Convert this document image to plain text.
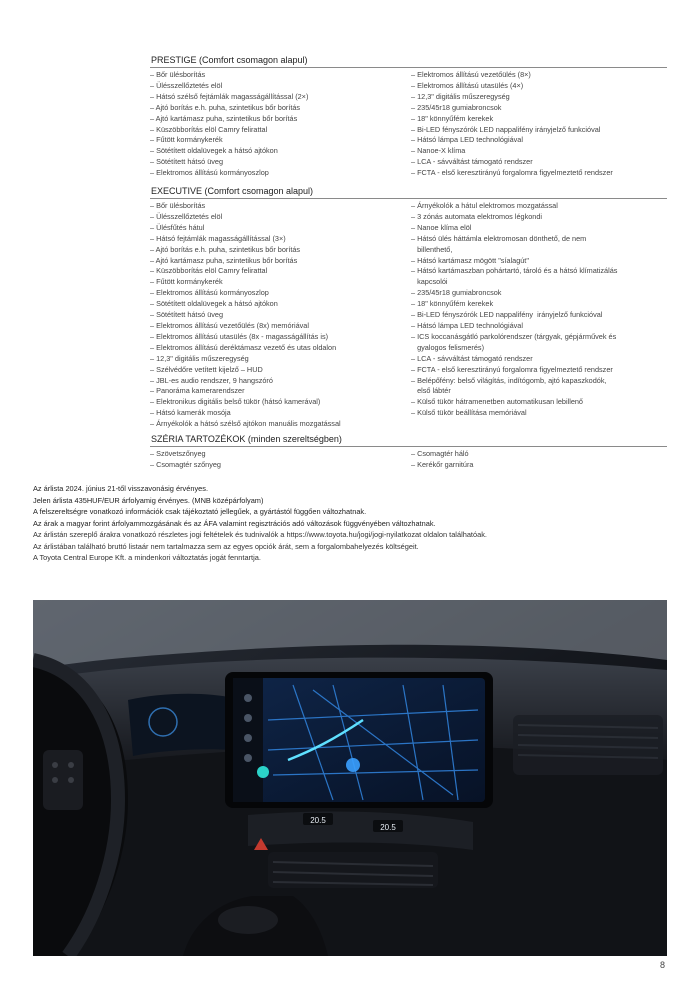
PRESTIGE (Comfort csomagon alapul)
– Bőr ülésborítás
– Ülésszellőztetés elöl
– Hátsó szélső fejtámlák magasságállítással (2×)
– Ajtó borítás e.h. puha, szintetikus bőr borítás
– Ajtó kartámasz puha, szintetikus bőr borítás
– Küszöbborítás elöl Camry felirattal
– Fűtött kormánykerék
– Sötétített oldalüvegek a hátsó ajtókon
– Sötétített hátsó üveg
– Elektromos állítású kormányoszlop
– Elektromos állítású vezetőülés (8×)
– Elektromos állítású utasülés (4×)
– 12,3" digitális műszeregység
– 235/45r18 gumiabroncsok
– 18" könnyűfém kerekek
– Bi-LED fényszórók LED nappalifény irányjelző funkcióval
– Hátsó lámpa LED technológiával
– Nanoe-X klíma
– LCA - sávváltást támogató rendszer
– FCTA - első keresztirányú forgalomra figyelmeztető rendszer
EXECUTIVE (Comfort csomagon alapul)
– Bőr ülésborítás
– Ülésszellőztetés elöl
– Ülésfűtés hátul
– Hátsó fejtámlák magasságállítással (3×)
– Ajtó borítás e.h. puha, szintetikus bőr borítás
– Ajtó kartámasz puha, szintetikus bőr borítás
– Küszöbborítás elöl Camry felirattal
– Fűtött kormánykerék
– Elektromos állítású kormányoszlop
– Sötétített oldalüvegek a hátsó ajtókon
– Sötétített hátsó üveg
– Elektromos állítású vezetőülés (8x) memóriával
– Elektromos állítású utasülés (8x - magasságállítás is)
– Elektromos állítású deréktámasz vezető és utas oldalon
– 12,3" digitális műszeregység
– Szélvédőre vetített kijelző – HUD
– JBL-es audio rendszer, 9 hangszóró
– Panoráma kamerarendszer
– Elektronikus digitális belső tükör (hátsó kamerával)
– Hátsó kamerák mosója
– Árnyékolók a hátsó szélső ajtókon manuális mozgatással
– Árnyékolók a hátul elektromos mozgatással
– 3 zónás automata elektromos légkondi
– Nanoe klíma elöl
– Hátsó ülés háttámla elektromosan dönthető, de nem
billenthető,
– Hátsó kartámasz mögött "síalagút"
– Hátsó kartámaszban pohártartó, tároló és a hátsó klímatizálás
kapcsolói
– 235/45r18 gumiabroncsok
– 18" könnyűfém kerekek
– Bi-LED fényszórók LED nappalifény  irányjelző funkcióval
– Hátsó lámpa LED technológiával
– ICS koccanásgátló parkolórendszer (tárgyak, gépjárművek és
gyalogos felismerés)
– LCA - sávváltást támogató rendszer
– FCTA - első keresztirányú forgalomra figyelmeztető rendszer
– Belépőfény: belső világítás, indítógomb, ajtó kapaszkodók,
első lábtér
– Külső tükör hátramenetben automatikusan lebillenő
– Külső tükör beállítása memóriával
SZÉRIA TARTOZÉKOK (minden szereltségben)
– Szövetszőnyeg
– Csomagtér szőnyeg
– Csomagtér háló
– Kerékőr garnitúra
Az árlista 2024. június 21-től visszavonásig érvényes.
Jelen árlista 435HUF/EUR árfolyamig érvényes. (MNB középárfolyam)
A felszereltségre vonatkozó információk csak tájékoztató jellegűek, a gyártástól függően változhatnak.
Az árak a magyar forint árfolyammozgásának és az ÁFA valamint regisztrációs adó változások függvényében változhatnak.
Az árlistán szereplő árakra vonatkozó részletes jogi feltételek és tudnivalók a https://www.toyota.hu/jogi/jogi-nyilatkozat oldalon találhatóak.
Az árlistában található bruttó listaár nem tartalmazza sem az egyes opciók árát, sem a forgalombahelyezés költségeit.
A Toyota Central Europe Kft. a mindenkori változtatás jogát fenntartja.
20.5
20.5
8
